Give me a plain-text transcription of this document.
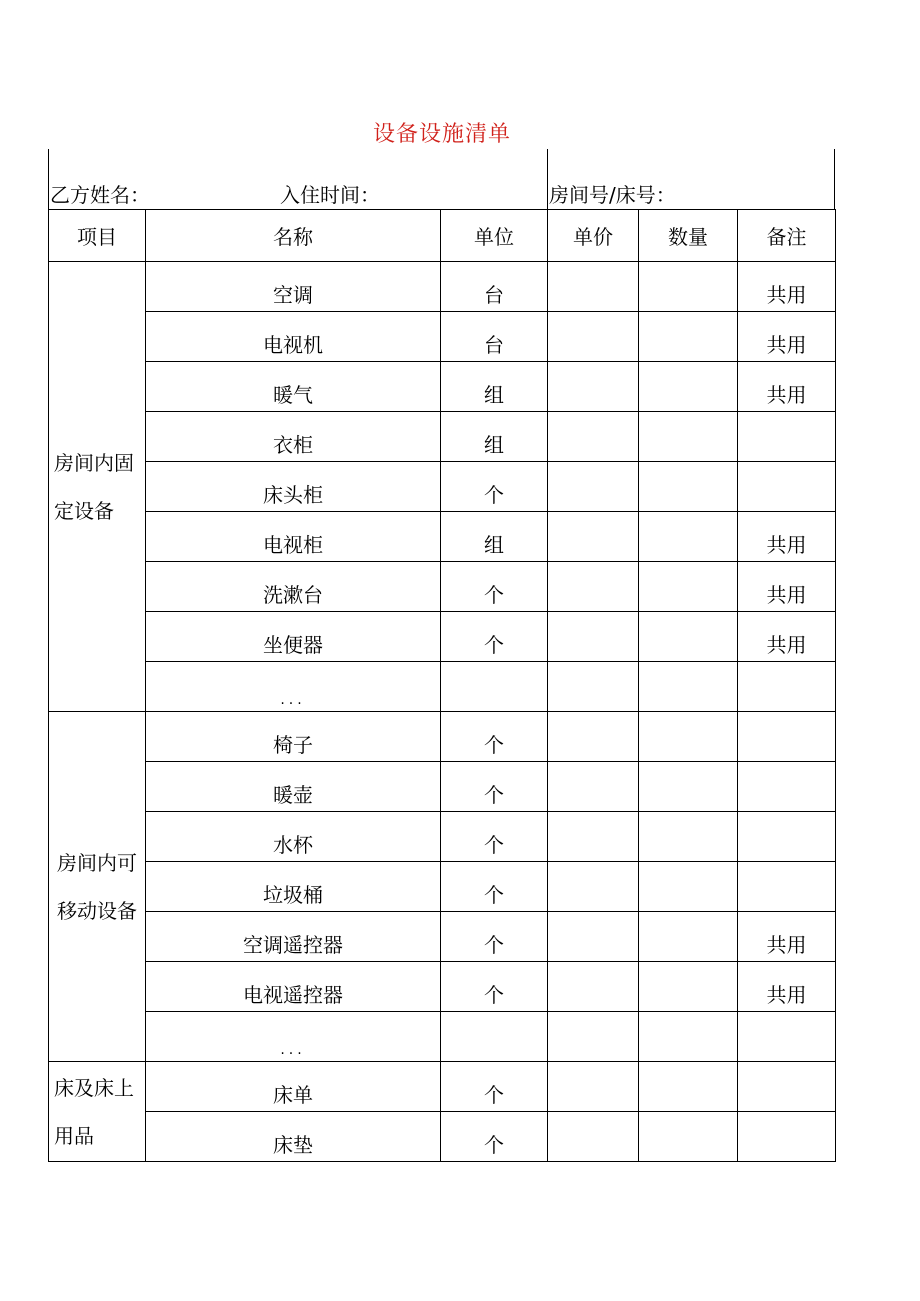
设备设施清单
乙方姓名：	入住时间：	房间号/床号：
项目	名称	单位	单价	数量	备注
房间内固定设备	空调	台			共用
	电视机	台			共用
	暖气	组			共用
	衣柜	组			
	床头柜	个			
	电视柜	组			共用
	洗漱台	个			共用
	坐便器	个			共用
	...				
房间内可移动设备	椅子	个			
	暖壶	个			
	水杯	个			
	垃圾桶	个			
	空调遥控器	个			共用
	电视遥控器	个			共用
	...				
床及床上用品	床单	个			
	床垫	个			
